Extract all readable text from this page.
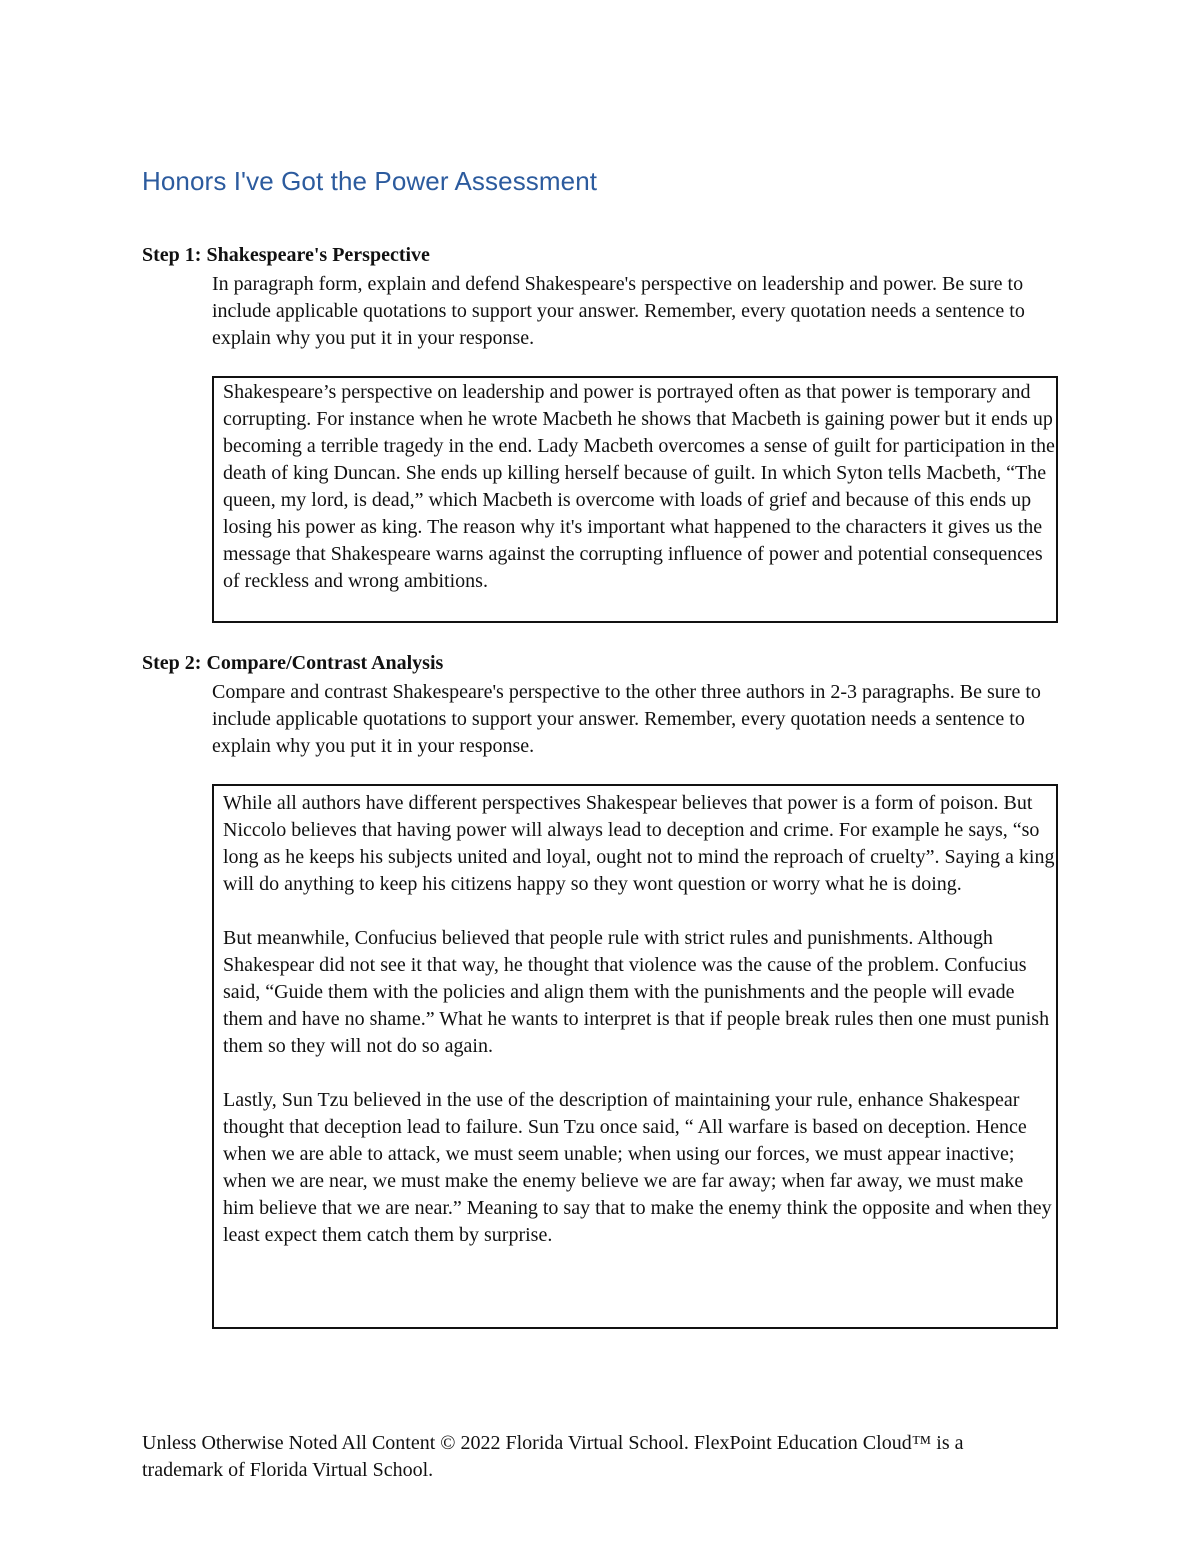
Honors I've Got the Power Assessment
Step 1: Shakespeare's Perspective

In paragraph form, explain and defend Shakespeare's perspective on leadership and power. Be sure to include applicable quotations to support your answer. Remember, every quotation needs a sentence to explain why you put it in your response.

Shakespeare’s perspective on leadership and power is portrayed often as that power is temporary and corrupting. For instance when he wrote Macbeth he shows that Macbeth is gaining power but it ends up becoming a terrible tragedy in the end. Lady Macbeth overcomes a sense of guilt for participation in the death of king Duncan. She ends up killing herself because of guilt. In which Syton tells Macbeth, “The queen, my lord, is dead,” which Macbeth is overcome with loads of grief and because of this ends up losing his power as king. The reason why it's important what happened to the characters it gives us the message that Shakespeare warns against the corrupting influence of power and potential consequences of reckless and wrong ambitions.

Step 2: Compare/Contrast Analysis

Compare and contrast Shakespeare's perspective to the other three authors in 2-3 paragraphs. Be sure to include applicable quotations to support your answer. Remember, every quotation needs a sentence to explain why you put it in your response.

While all authors have different perspectives Shakespear believes that power is a form of poison. But Niccolo believes that having power will always lead to deception and crime. For example he says, “so long as he keeps his subjects united and loyal, ought not to mind the reproach of cruelty”. Saying a king will do anything to keep his citizens happy so they wont question or worry what he is doing.

But meanwhile, Confucius believed that people rule with strict rules and punishments. Although Shakespear did not see it that way, he thought that violence was the cause of the problem. Confucius said, “Guide them with the policies and align them with the punishments and the people will evade them and have no shame.” What he wants to interpret is that if people break rules then one must punish them so they will not do so again.

Lastly, Sun Tzu believed in the use of the description of maintaining your rule, enhance Shakespear thought that deception lead to failure. Sun Tzu once said, “ All warfare is based on deception. Hence when we are able to attack, we must seem unable; when using our forces, we must appear inactive; when we are near, we must make the enemy believe we are far away; when far away, we must make him believe that we are near.” Meaning to say that to make the enemy think the opposite and when they least expect them catch them by surprise.

Unless Otherwise Noted All Content © 2022 Florida Virtual School. FlexPoint Education Cloud™ is a trademark of Florida Virtual School.
